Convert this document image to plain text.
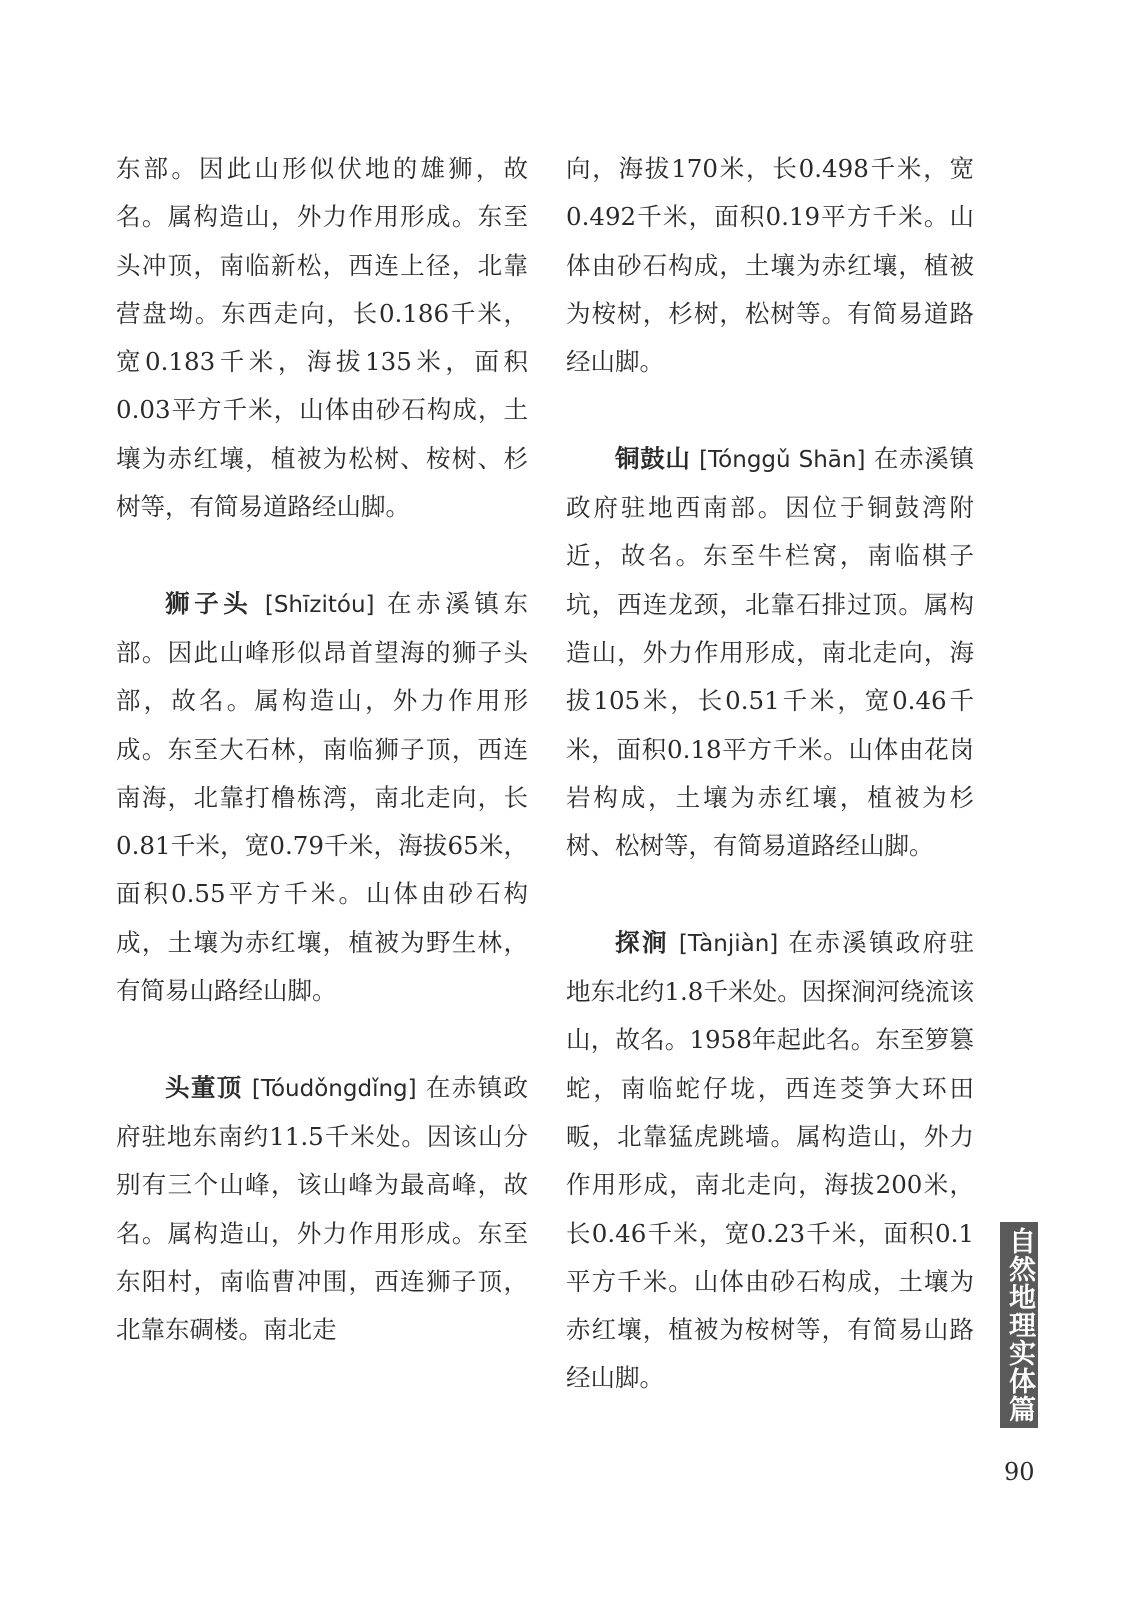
东部。因此山形似伏地的雄狮，故名。属构造山，外力作用形成。东至头冲顶，南临新松，西连上径，北靠营盘坳。东西走向，长0.186千米，宽0.183千米，海拔135米，面积0.03平方千米，山体由砂石构成，土壤为赤红壤，植被为松树、桉树、杉树等，有简易道路经山脚。

狮子头 [Shīzitóu] 在赤溪镇东部。因此山峰形似昂首望海的狮子头部，故名。属构造山，外力作用形成。东至大石林，南临狮子顶，西连南海，北靠打橹栋湾，南北走向，长0.81千米，宽0.79千米，海拔65米，面积0.55平方千米。山体由砂石构成，土壤为赤红壤，植被为野生林，有简易山路经山脚。

头董顶 [Tóudǒngdǐng] 在赤镇政府驻地东南约11.5千米处。因该山分别有三个山峰，该山峰为最高峰，故名。属构造山，外力作用形成。东至东阳村，南临曹冲围，西连狮子顶，北靠东碉楼。南北走

向，海拔170米，长0.498千米，宽0.492千米，面积0.19平方千米。山体由砂石构成，土壤为赤红壤，植被为桉树，杉树，松树等。有简易道路经山脚。

铜鼓山 [Tónggǔ Shān] 在赤溪镇政府驻地西南部。因位于铜鼓湾附近，故名。东至牛栏窝，南临棋子坑，西连龙颈，北靠石排过顶。属构造山，外力作用形成，南北走向，海拔105米，长0.51千米，宽0.46千米，面积0.18平方千米。山体由花岗岩构成，土壤为赤红壤，植被为杉树、松树等，有简易道路经山脚。

探涧 [Tànjiàn] 在赤溪镇政府驻地东北约1.8千米处。因探涧河绕流该山，故名。1958年起此名。东至箩篡蛇，南临蛇仔垅，西连茭笋大环田畈，北靠猛虎跳墙。属构造山，外力作用形成，南北走向，海拔200米，长0.46千米，宽0.23千米，面积0.1平方千米。山体由砂石构成，土壤为赤红壤，植被为桉树等，有简易山路经山脚。	自然地理实体篇
90
